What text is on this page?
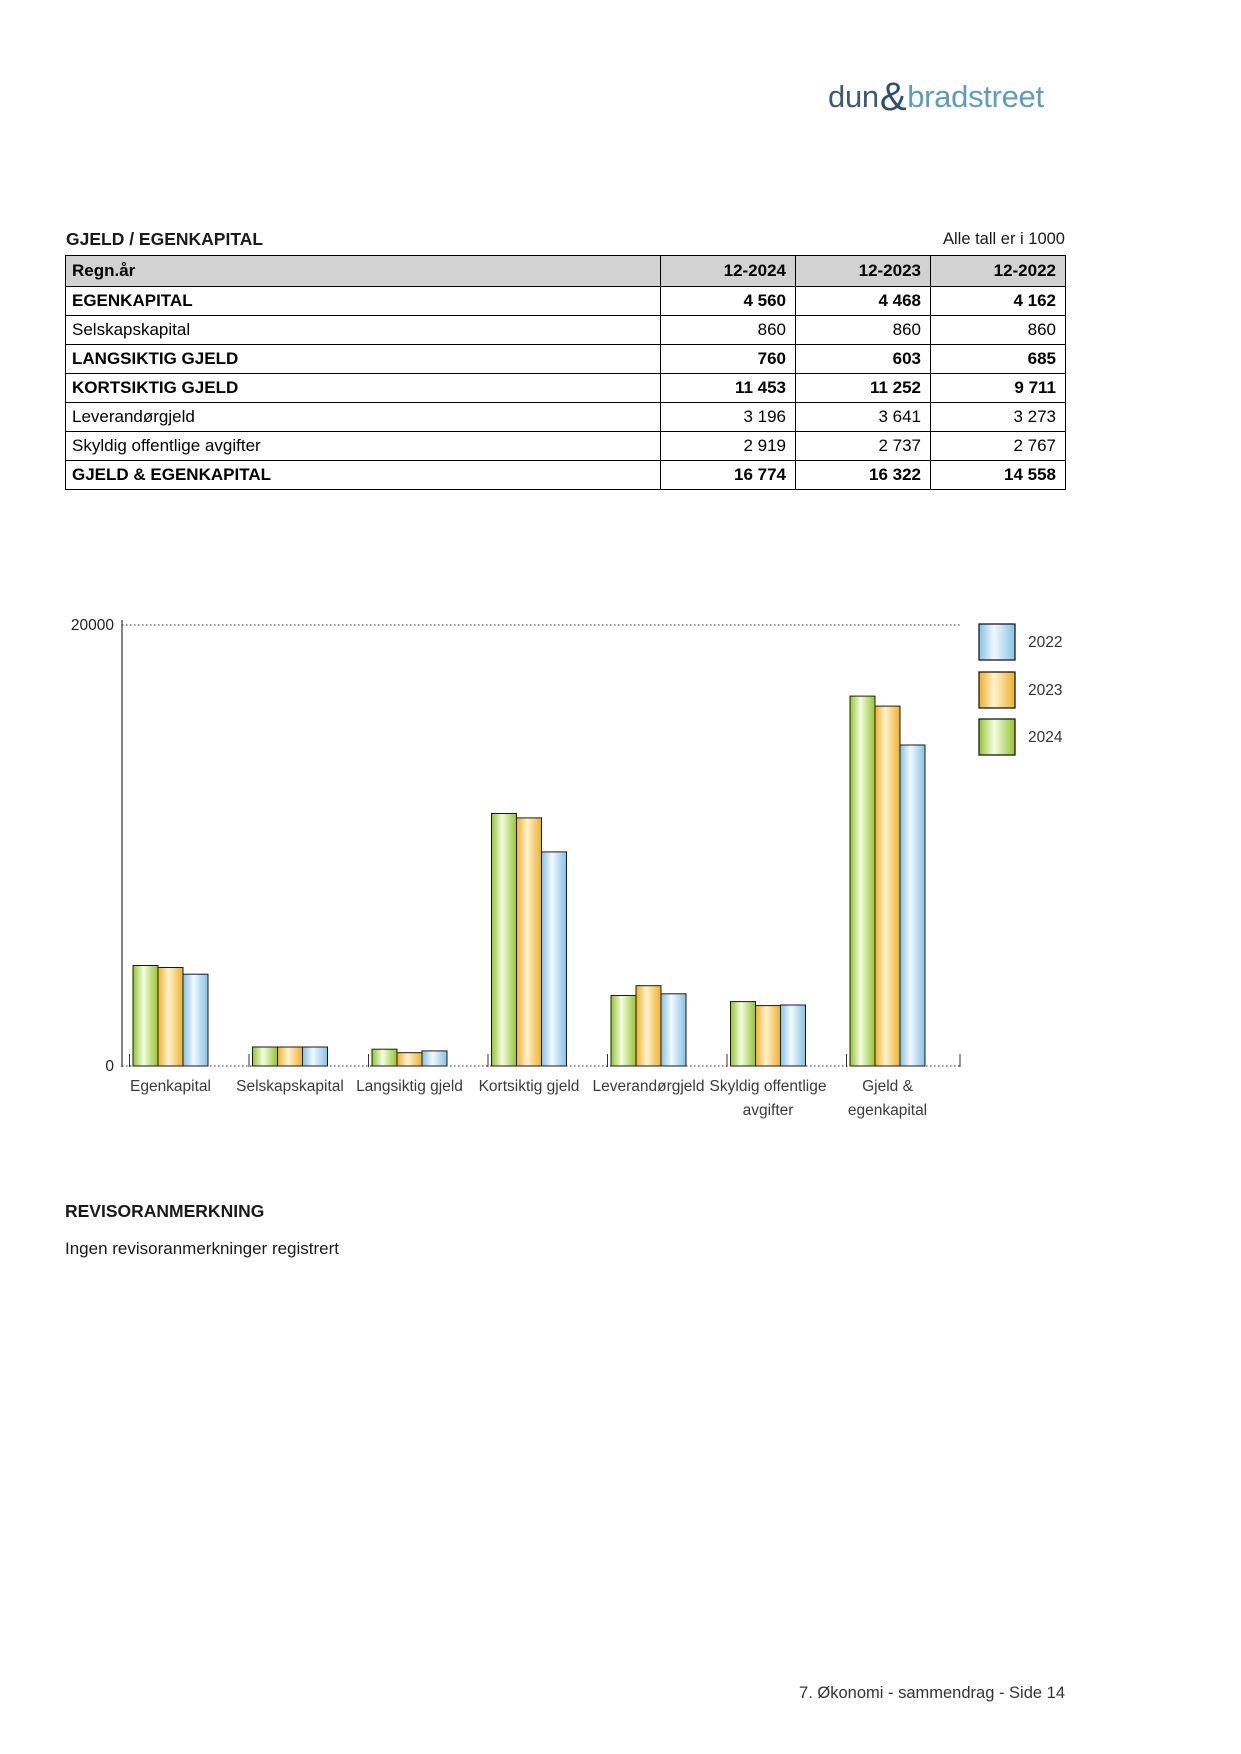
dun&bradstreet
GJELD / EGENKAPITAL	Alle tall er i 1000
Regn.år	12-2024	12-2023	12-2022
EGENKAPITAL	4 560	4 468	4 162
Selskapskapital	860	860	860
LANGSIKTIG GJELD	760	603	685
KORTSIKTIG GJELD	11 453	11 252	9 711
Leverandørgjeld	3 196	3 641	3 273
Skyldig offentlige avgifter	2 919	2 737	2 767
GJELD & EGENKAPITAL	16 774	16 322	14 558
20000
0
Egenkapital Selskapskapital Langsiktig gjeld Kortsiktig gjeld Leverandørgjeld Skyldig offentlige
avgifter
Gjeld &
egenkapital
2022
2023
2024
REVISORANMERKNING
Ingen revisoranmerkninger registrert
7. Økonomi - sammendrag - Side 14
